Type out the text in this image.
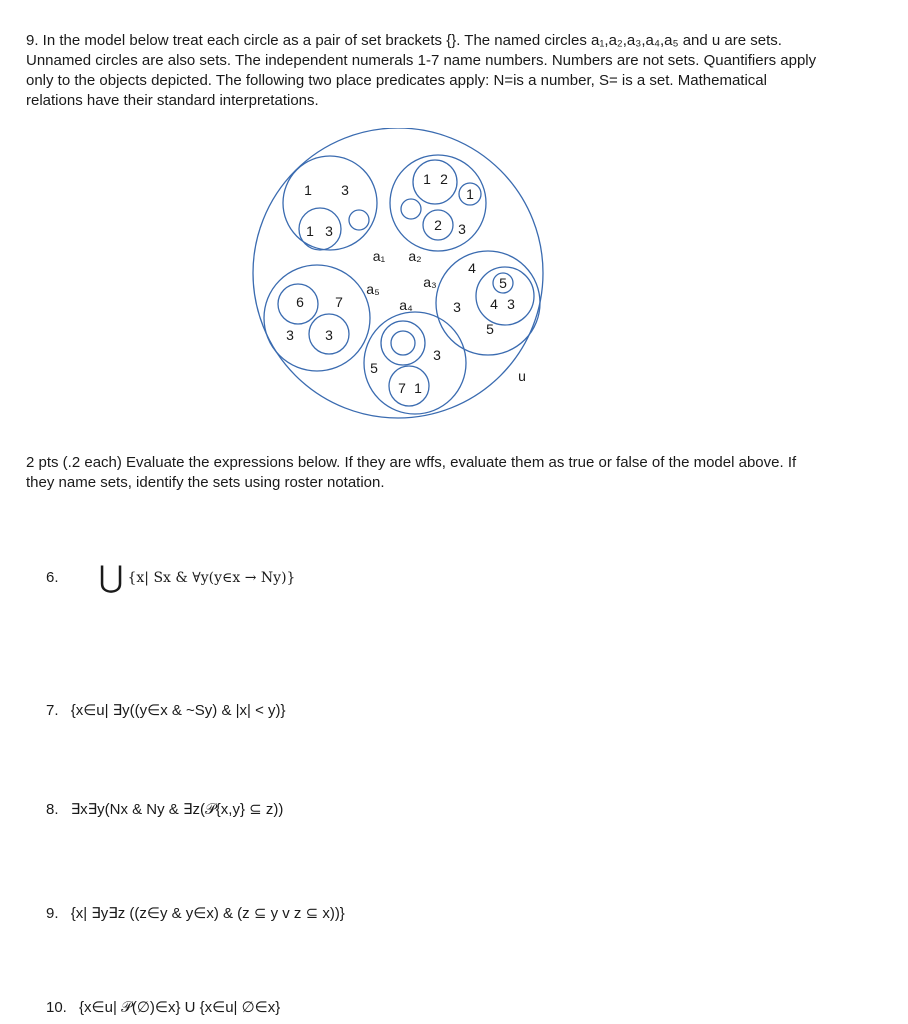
9. In the model below treat each circle as a pair of set brackets {}. The named circles a₁,a₂,a₃,a₄,a₅ and u are sets. Unnamed circles are also sets. The independent numerals 1-7 name numbers. Numbers are not sets. Quantifiers apply only to the objects depicted. The following two place predicates apply: N=is a number, S= is a set. Mathematical relations have their standard interpretations.
1 3
1 3
1 2
1
2 3
6 7
3 3
3
5
7 1
4
3
5
4 3
5
a₁ a₂
a₃
a₄
a₅
u
2 pts (.2 each) Evaluate the expressions below. If they are wffs, evaluate them as true or false of the model above. If they name sets, identify the sets using roster notation.
6. ⋃ {x| Sx & ∀y(y∈x → Ny)}
7. {x∈u| ∃y((y∈x & ~Sy) & |x| < y)}
8. ∃x∃y(Nx & Ny & ∃z(𝒫{x,y} ⊆ z))
9. {x| ∃y∃z ((z∈y & y∈x) & (z ⊆ y v z ⊆ x))}
10. {x∈u| 𝒫(∅)∈x} U {x∈u| ∅∈x}
